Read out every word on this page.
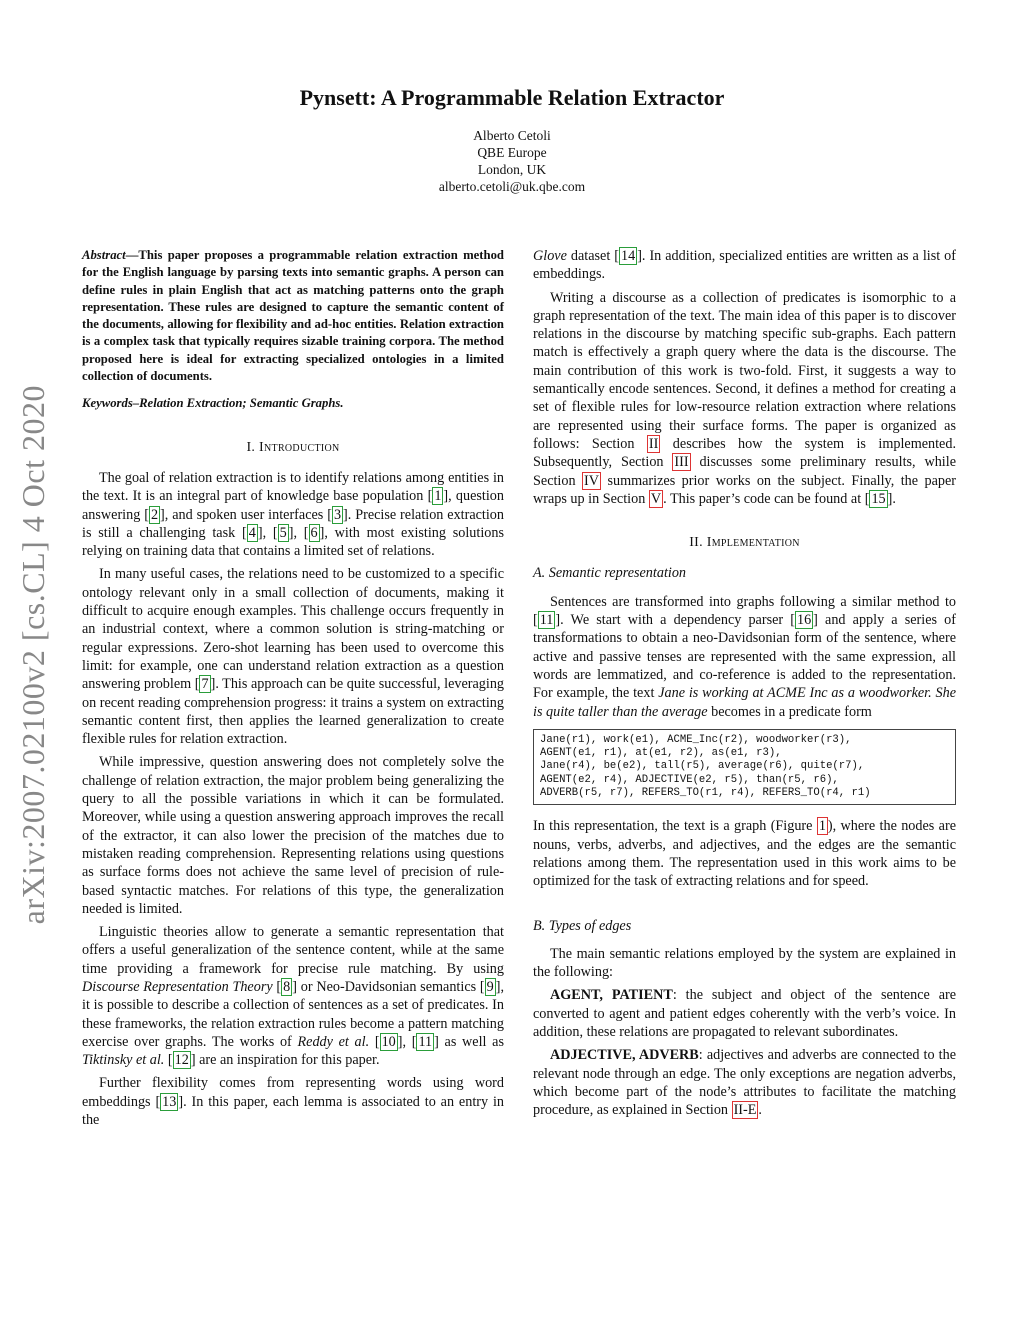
arXiv:2007.02100v2 [cs.CL] 4 Oct 2020
Pynsett: A Programmable Relation Extractor

Alberto Cetoli

QBE Europe

London, UK

alberto.cetoli@uk.qbe.com

Abstract—This paper proposes a programmable relation extraction method for the English language by parsing texts into semantic graphs. A person can define rules in plain English that act as matching patterns onto the graph representation. These rules are designed to capture the semantic content of the documents, allowing for flexibility and ad-hoc entities. Relation extraction is a complex task that typically requires sizable training corpora. The method proposed here is ideal for extracting specialized ontologies in a limited collection of documents.

Keywords–Relation Extraction; Semantic Graphs.

I. Introduction

The goal of relation extraction is to identify relations among entities in the text. It is an integral part of knowledge base population [ 1 ], question answering [ 2 ], and spoken user interfaces [ 3 ]. Precise relation extraction is still a challenging task [ 4 ], [ 5 ], [ 6 ], with most existing solutions relying on training data that contains a limited set of relations.

In many useful cases, the relations need to be customized to a specific ontology relevant only in a small collection of documents, making it difficult to acquire enough examples. This challenge occurs frequently in an industrial context, where a common solution is string-matching or regular expressions. Zero-shot learning has been used to overcome this limit: for example, one can understand relation extraction as a question answering problem [ 7 ]. This approach can be quite successful, leveraging on recent reading comprehension progress: it trains a system on extracting semantic content first, then applies the learned generalization to create flexible rules for relation extraction.

While impressive, question answering does not completely solve the challenge of relation extraction, the major problem being generalizing the query to all the possible variations in which it can be formulated. Moreover, while using a question answering approach improves the recall of the extractor, it can also lower the precision of the matches due to mistaken reading comprehension. Representing relations using questions as surface forms does not achieve the same level of precision of rule-based syntactic matches. For relations of this type, the generalization needed is limited.

Linguistic theories allow to generate a semantic representation that offers a useful generalization of the sentence content, while at the same time providing a framework for precise rule matching. By using Discourse Representation Theory [ 8 ] or Neo-Davidsonian semantics [ 9 ], it is possible to describe a collection of sentences as a set of predicates. In these frameworks, the relation extraction rules become a pattern matching exercise over graphs. The works of Reddy et al. [ 10 ], [ 11 ] as well as Tiktinsky et al. [ 12 ] are an inspiration for this paper.

Further flexibility comes from representing words using word embeddings [ 13 ]. In this paper, each lemma is associated to an entry in the

Glove dataset [ 14 ]. In addition, specialized entities are written as a list of embeddings.

Writing a discourse as a collection of predicates is isomorphic to a graph representation of the text. The main idea of this paper is to discover relations in the discourse by matching specific sub-graphs. Each pattern match is effectively a graph query where the data is the discourse. The main contribution of this work is two-fold. First, it suggests a way to semantically encode sentences. Second, it defines a method for creating a set of flexible rules for low-resource relation extraction where relations are represented using their surface forms. The paper is organized as follows: Section II describes how the system is implemented. Subsequently, Section III discusses some preliminary results, while Section IV summarizes prior works on the subject. Finally, the paper wraps up in Section V . This paper’s code can be found at [ 15 ].

II. Implementation
A. Semantic representation

Sentences are transformed into graphs following a similar method to [ 11 ]. We start with a dependency parser [ 16 ] and apply a series of transformations to obtain a neo-Davidsonian form of the sentence, where active and passive tenses are represented with the same expression, all words are lemmatized, and co-reference is added to the representation. For example, the text Jane is working at ACME Inc as a woodworker. She is quite taller than the average becomes in a predicate form

Jane(r1), work(e1), ACME_Inc(r2), woodworker(r3),
AGENT(e1, r1), at(e1, r2), as(e1, r3),
Jane(r4), be(e2), tall(r5), average(r6), quite(r7),
AGENT(e2, r4), ADJECTIVE(e2, r5), than(r5, r6),
ADVERB(r5, r7), REFERS_TO(r1, r4), REFERS_TO(r4, r1)

In this representation, the text is a graph (Figure 1 ), where the nodes are nouns, verbs, adverbs, and adjectives, and the edges are the semantic relations among them. The representation used in this work aims to be optimized for the task of extracting relations and for speed.

B. Types of edges

The main semantic relations employed by the system are explained in the following:

AGENT, PATIENT: the subject and object of the sentence are converted to agent and patient edges coherently with the verb’s voice. In addition, these relations are propagated to relevant subordinates.

ADJECTIVE, ADVERB: adjectives and adverbs are connected to the relevant node through an edge. The only exceptions are negation adverbs, which become part of the node’s attributes to facilitate the matching procedure, as explained in Section II-E .
